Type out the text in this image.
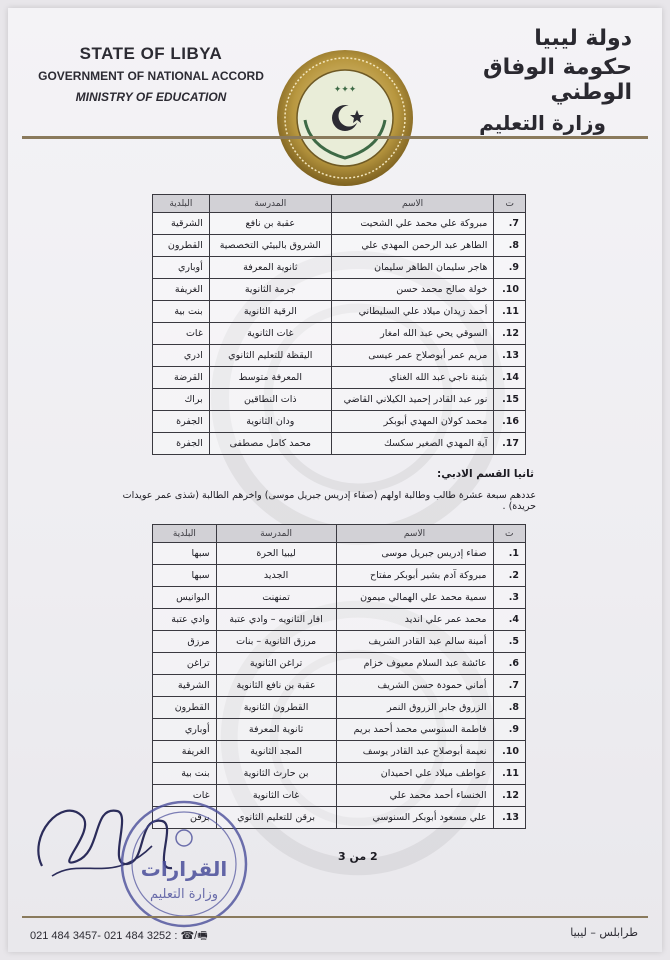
STATE OF LIBYA
GOVERNMENT OF NATIONAL ACCORD
MINISTRY OF EDUCATION	✦✦✦
دولة ليبيا
حكومة الوفاق الوطني
وزارة التعليم
ت	الاسم	المدرسة	البلدية
7.	مبروكة علي محمد علي الشحيت	عقبة بن نافع	الشرقية
8.	الطاهر عبد الرحمن المهدي علي	الشروق بالبيئي التخصصية	القطرون
9.	هاجر سليمان الطاهر سليمان	ثانوية المعرفة	أوباري
10.	خولة صالح محمد حسن	جرمة الثانوية	الغريفة
11.	أحمد زيدان ميلاد علي السليطاني	الرقية الثانوية	بنت بية
12.	السوقي يحي عبد الله امغار	غات الثانوية	غات
13.	مريم عمر أبوصلاح عمر عيسى	اليقظة للتعليم الثانوي	ادري
14.	بثينة ناجي عبد الله الغناي	المعرفة متوسط	القرضة
15.	نور عبد القادر إحميد الكيلاني القاضي	ذات النطاقين	براك
16.	محمد كولان المهدي أبوبكر	ودان الثانوية	الجفرة
17.	آية المهدي الصغير سكسك	محمد كامل مصطفى	الجفرة
ثانيا القسم الادبي:
عددهم سبعة عشرة طالب وطالبة اولهم (صفاء إدريس جبريل موسى) واخرهم الطالبة (شذى عمر عويدات حريدة) .
ت	الاسم	المدرسة	البلدية
1.	صفاء إدريس جبريل موسى	ليبيا الحرة	سبها
2.	مبروكة آدم بشير أبوبكر مفتاح	الجديد	سبها
3.	سمية محمد علي الهمالي ميمون	تمنهنت	البوانيس
4.	محمد عمر علي انديد	افار الثانويه – وادي عتبة	وادي عتبة
5.	أمينة سالم عبد القادر الشريف	مرزق الثانوية – بنات	مرزق
6.	عائشة عبد السلام معيوف خزام	تراغن الثانوية	تراغن
7.	أماني حمودة حسن الشريف	عقبة بن نافع الثانوية	الشرقية
8.	الزروق جابر الزروق النمر	القطرون الثانوية	القطرون
9.	فاطمة السنوسي محمد أحمد بريم	ثانوية المعرفة	أوباري
10.	نعيمة أبوصلاح عبد القادر يوسف	المجد الثانوية	الغريفة
11.	عواطف ميلاد علي احميدان	بن حارث الثانوية	بنت بية
12.	الخنساء أحمد محمد علي	غات الثانوية	غات
13.	علي مسعود أبوبكر السنوسي	برقن للتعليم الثانوي	برقن
القرارات
وزارة التعليم
2 من 3
021 484 3457- 021 484 3252 : ☎/🖷	طرابلس – ليبيا
